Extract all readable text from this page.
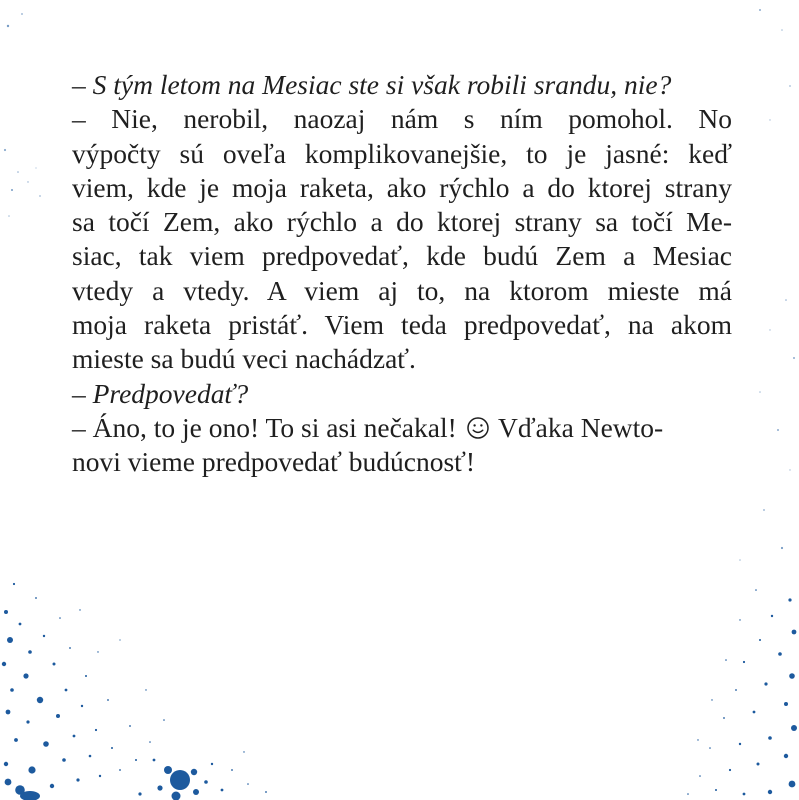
– S tým letom na Mesiac ste si však robili srandu, nie?
– Nie, nerobil, naozaj nám s ním pomohol. No
výpočty sú oveľa komplikovanejšie, to je jasné: keď
viem, kde je moja raketa, ako rýchlo a do ktorej strany
sa točí Zem, ako rýchlo a do ktorej strany sa točí Me-
siac, tak viem predpovedať, kde budú Zem a Mesiac
vtedy a vtedy. A viem aj to, na ktorom mieste má
moja raketa pristáť. Viem teda predpovedať, na akom
mieste sa budú veci nachádzať.
– Predpovedať?
– Áno, to je ono! To si asi nečakal! Vďaka Newto-
novi vieme predpovedať budúcnosť!
